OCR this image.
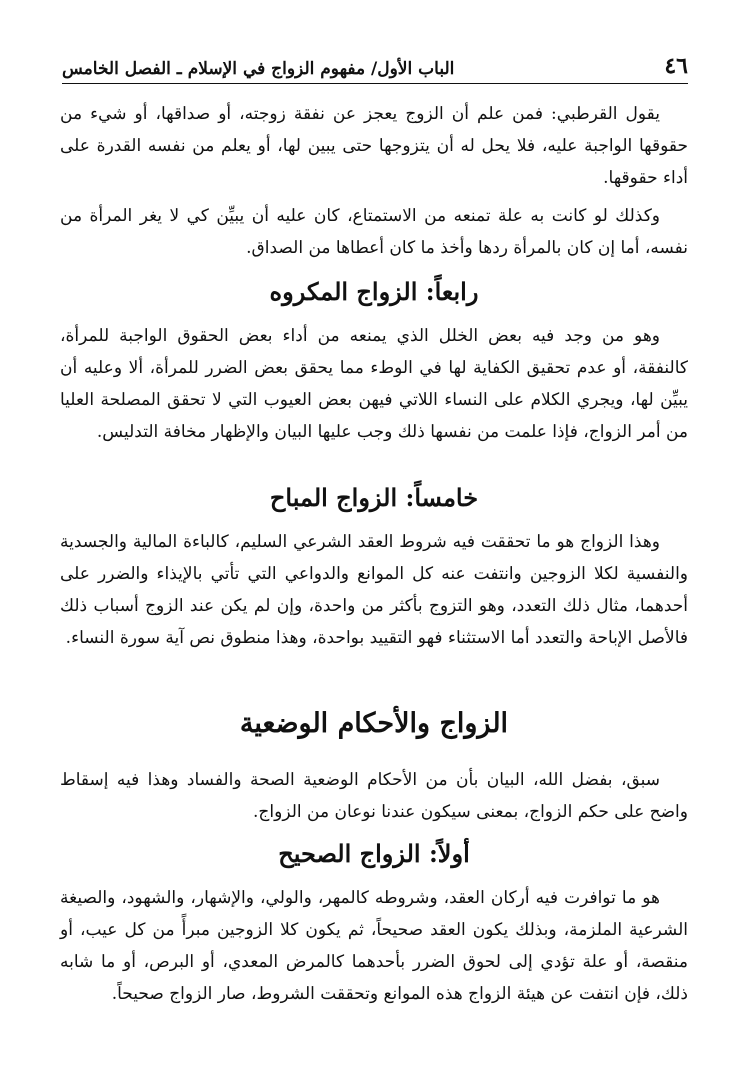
٤٦
الباب الأول/ مفهوم الزواج في الإسلام ـ الفصل الخامس

يقول القرطبي: فمن علم أن الزوج يعجز عن نفقة زوجته، أو صداقها، أو شيء من حقوقها الواجبة عليه، فلا يحل له أن يتزوجها حتى يبين لها، أو يعلم من نفسه القدرة على أداء حقوقها.

وكذلك لو كانت به علة تمنعه من الاستمتاع، كان عليه أن يبيِّن كي لا يغر المرأة من نفسه، أما إن كان بالمرأة ردها وأخذ ما كان أعطاها من الصداق.

رابعاً: الزواج المكروه

وهو من وجد فيه بعض الخلل الذي يمنعه من أداء بعض الحقوق الواجبة للمرأة، كالنفقة، أو عدم تحقيق الكفاية لها في الوطء مما يحقق بعض الضرر للمرأة، ألا وعليه أن يبيِّن لها، ويجري الكلام على النساء اللاتي فيهن بعض العيوب التي لا تحقق المصلحة العليا من أمر الزواج، فإذا علمت من نفسها ذلك وجب عليها البيان والإظهار مخافة التدليس.

خامساً: الزواج المباح

وهذا الزواج هو ما تحققت فيه شروط العقد الشرعي السليم، كالباءة المالية والجسدية والنفسية لكلا الزوجين وانتفت عنه كل الموانع والدواعي التي تأتي بالإيذاء والضرر على أحدهما، مثال ذلك التعدد، وهو التزوج بأكثر من واحدة، وإن لم يكن عند الزوج أسباب ذلك فالأصل الإباحة والتعدد أما الاستثناء فهو التقييد بواحدة، وهذا منطوق نص آية سورة النساء.

الزواج والأحكام الوضعية

سبق، بفضل الله، البيان بأن من الأحكام الوضعية الصحة والفساد وهذا فيه إسقاط واضح على حكم الزواج، بمعنى سيكون عندنا نوعان من الزواج.

أولاً: الزواج الصحيح

هو ما توافرت فيه أركان العقد، وشروطه كالمهر، والولي، والإشهار، والشهود، والصيغة الشرعية الملزمة، وبذلك يكون العقد صحيحاً، ثم يكون كلا الزوجين مبرأً من كل عيب، أو منقصة، أو علة تؤدي إلى لحوق الضرر بأحدهما كالمرض المعدي، أو البرص، أو ما شابه ذلك، فإن انتفت عن هيئة الزواج هذه الموانع وتحققت الشروط، صار الزواج صحيحاً.
